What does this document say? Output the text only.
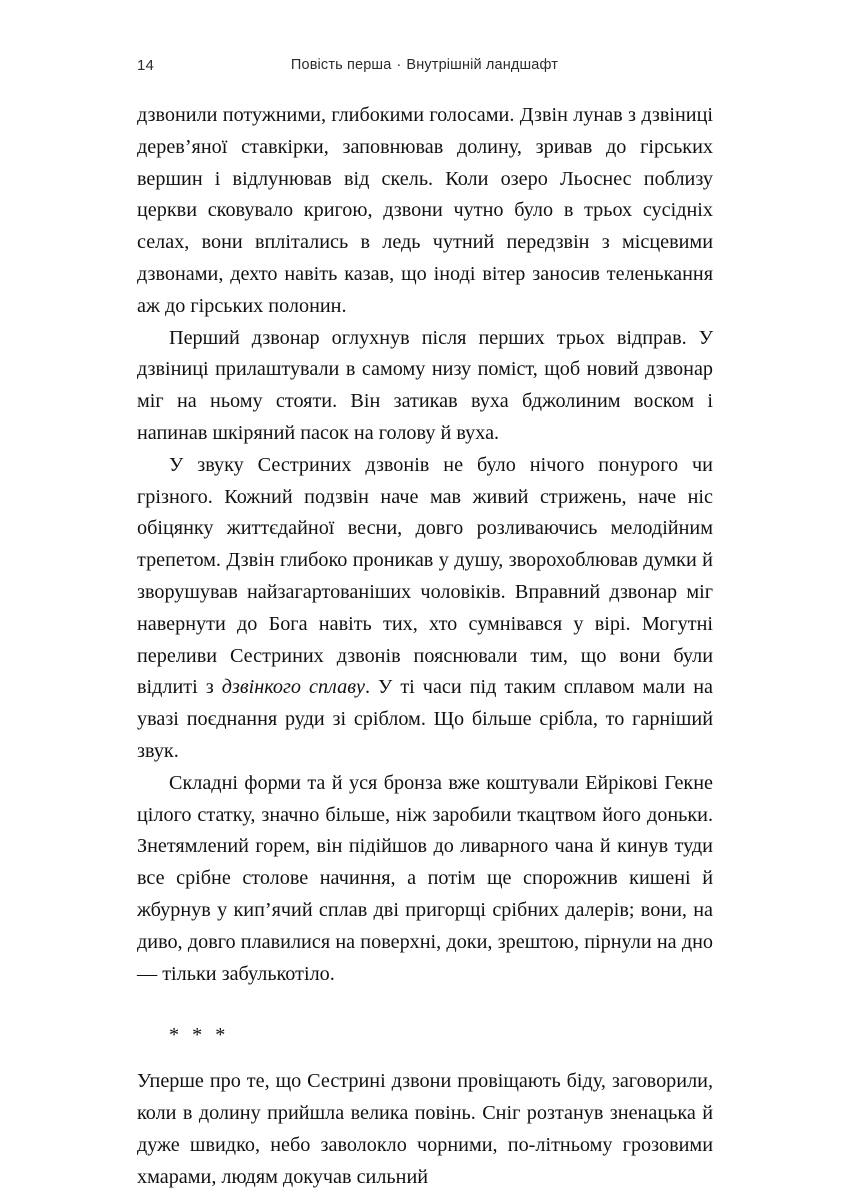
14	Повість перша · Внутрішній ландшафт

дзвонили потужними, глибокими голосами. Дзвін лунав з дзвіниці дерев’яної ставкірки, заповнював долину, зривав до гірських вершин і відлунював від скель. Коли озеро Льоснес поблизу церкви сковувало кригою, дзвони чутно було в трьох сусідніх селах, вони вплітались в ледь чутний передзвін з місцевими дзвонами, дехто навіть казав, що іноді вітер заносив теленькання аж до гірських полонин.

Перший дзвонар оглухнув після перших трьох відправ. У дзвіниці прилаштували в самому низу поміст, щоб новий дзвонар міг на ньому стояти. Він затикав вуха бджолиним воском і напинав шкіряний пасок на голову й вуха.

У звуку Сестриних дзвонів не було нічого понурого чи грізного. Кожний подзвін наче мав живий стрижень, наче ніс обіцянку життєдайної весни, довго розливаючись мелодійним трепетом. Дзвін глибоко проникав у душу, зворохоблював думки й зворушував найзагартованіших чоловіків. Вправний дзвонар міг навернути до Бога навіть тих, хто сумнівався у вірі. Могутні переливи Сестриних дзвонів пояснювали тим, що вони були відлиті з дзвінкого сплаву. У ті часи під таким сплавом мали на увазі поєднання руди зі сріблом. Що більше срібла, то гарніший звук.

Складні форми та й уся бронза вже коштували Ейрікові Гекне цілого статку, значно більше, ніж заробили ткацтвом його доньки. Знетямлений горем, він підійшов до ливарного чана й кинув туди все срібне столове начиння, а потім ще спорожнив кишені й жбурнув у кип’ячий сплав дві пригорщі срібних далерів; вони, на диво, довго плавилися на поверхні, доки, зрештою, пірнули на дно — тільки забулькотіло.

* * *

Уперше про те, що Сестрині дзвони провіщають біду, заговорили, коли в долину прийшла велика повінь. Сніг розтанув зненацька й дуже швидко, небо заволокло чорними, по-літньому грозовими хмарами, людям докучав сильний
